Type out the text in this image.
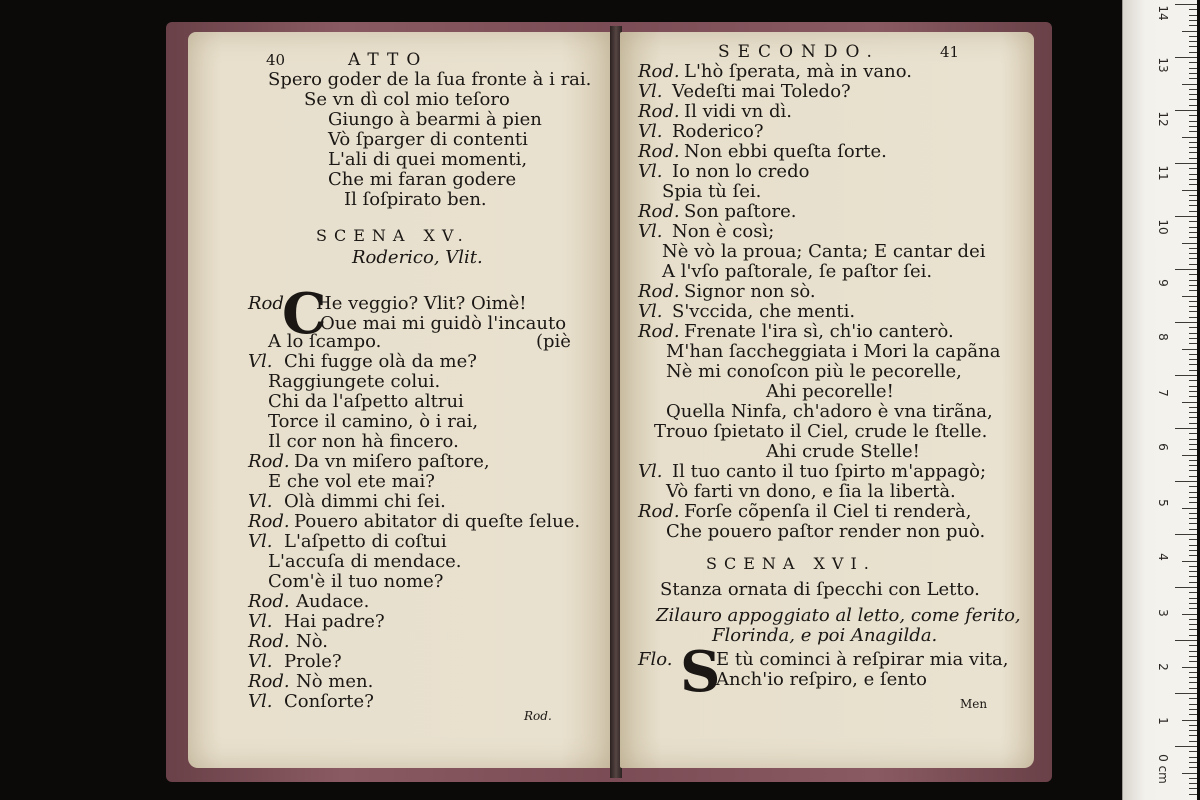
40	ATTO
Spero goder de la ſua fronte à i rai.
Se vn dì col mio teſoro
Giungo à bearmi à pien
Vò ſparger di contenti
L'ali di quei momenti,
Che mi faran godere
Il ſoſpirato ben.
SCENA XV.
Roderico, Vlit.
C
Rod. He veggio? Vlit? Oimè!
Oue mai mi guidò l'incauto
A lo ſcampo.	(piè
Vl. Chi fugge olà da me?
Raggiungete colui.
Chi da l'aſpetto altrui
Torce il camino, ò i rai,
Il cor non hà fincero.
Rod. Da vn miſero paſtore,
E che vol ete mai?
Vl. Olà dimmi chi ſei.
Rod. Pouero abitator di queſte ſelue.
Vl. L'aſpetto di coſtui
L'accuſa di mendace.
Com'è il tuo nome?
Rod. Audace.
Vl. Hai padre?
Rod. Nò.
Vl. Prole?
Rod. Nò men.
Vl. Conſorte?
Rod.
SECONDO.	41
Rod. L'hò ſperata, mà in vano.
Vl. Vedeſti mai Toledo?
Rod. Il vidi vn dì.
Vl. Roderico?
Rod. Non ebbi queſta ſorte.
Vl. Io non lo credo
Spia tù ſei.
Rod. Son paſtore.
Vl. Non è così;
Nè vò la proua; Canta; E cantar dei
A l'vſo paſtorale, ſe paſtor ſei.
Rod. Signor non sò.
Vl. S'vccida, che menti.
Rod. Frenate l'ira sì, ch'io canterò.
M'han ſaccheggiata i Mori la capãna
Nè mi conoſcon più le pecorelle,
Ahi pecorelle!
Quella Ninfa, ch'adoro è vna tirãna,
Trouo ſpietato il Ciel, crude le ſtelle.
Ahi crude Stelle!
Vl. Il tuo canto il tuo ſpirto m'appagò;
Vò farti vn dono, e ſia la libertà.
Rod. Forſe cõpenſa il Ciel ti renderà,
Che pouero paſtor render non può.
SCENA XVI.
Stanza ornata di ſpecchi con Letto.
Zilauro appoggiato al letto, come ferito,
Florinda, e poi Anagilda.
Flo. S
E tù cominci à reſpirar mia vita,
Anch'io reſpiro, e ſento
Men
14
13
12
11
10
9
8
7
6
5
4
3
2
1
0 cm
